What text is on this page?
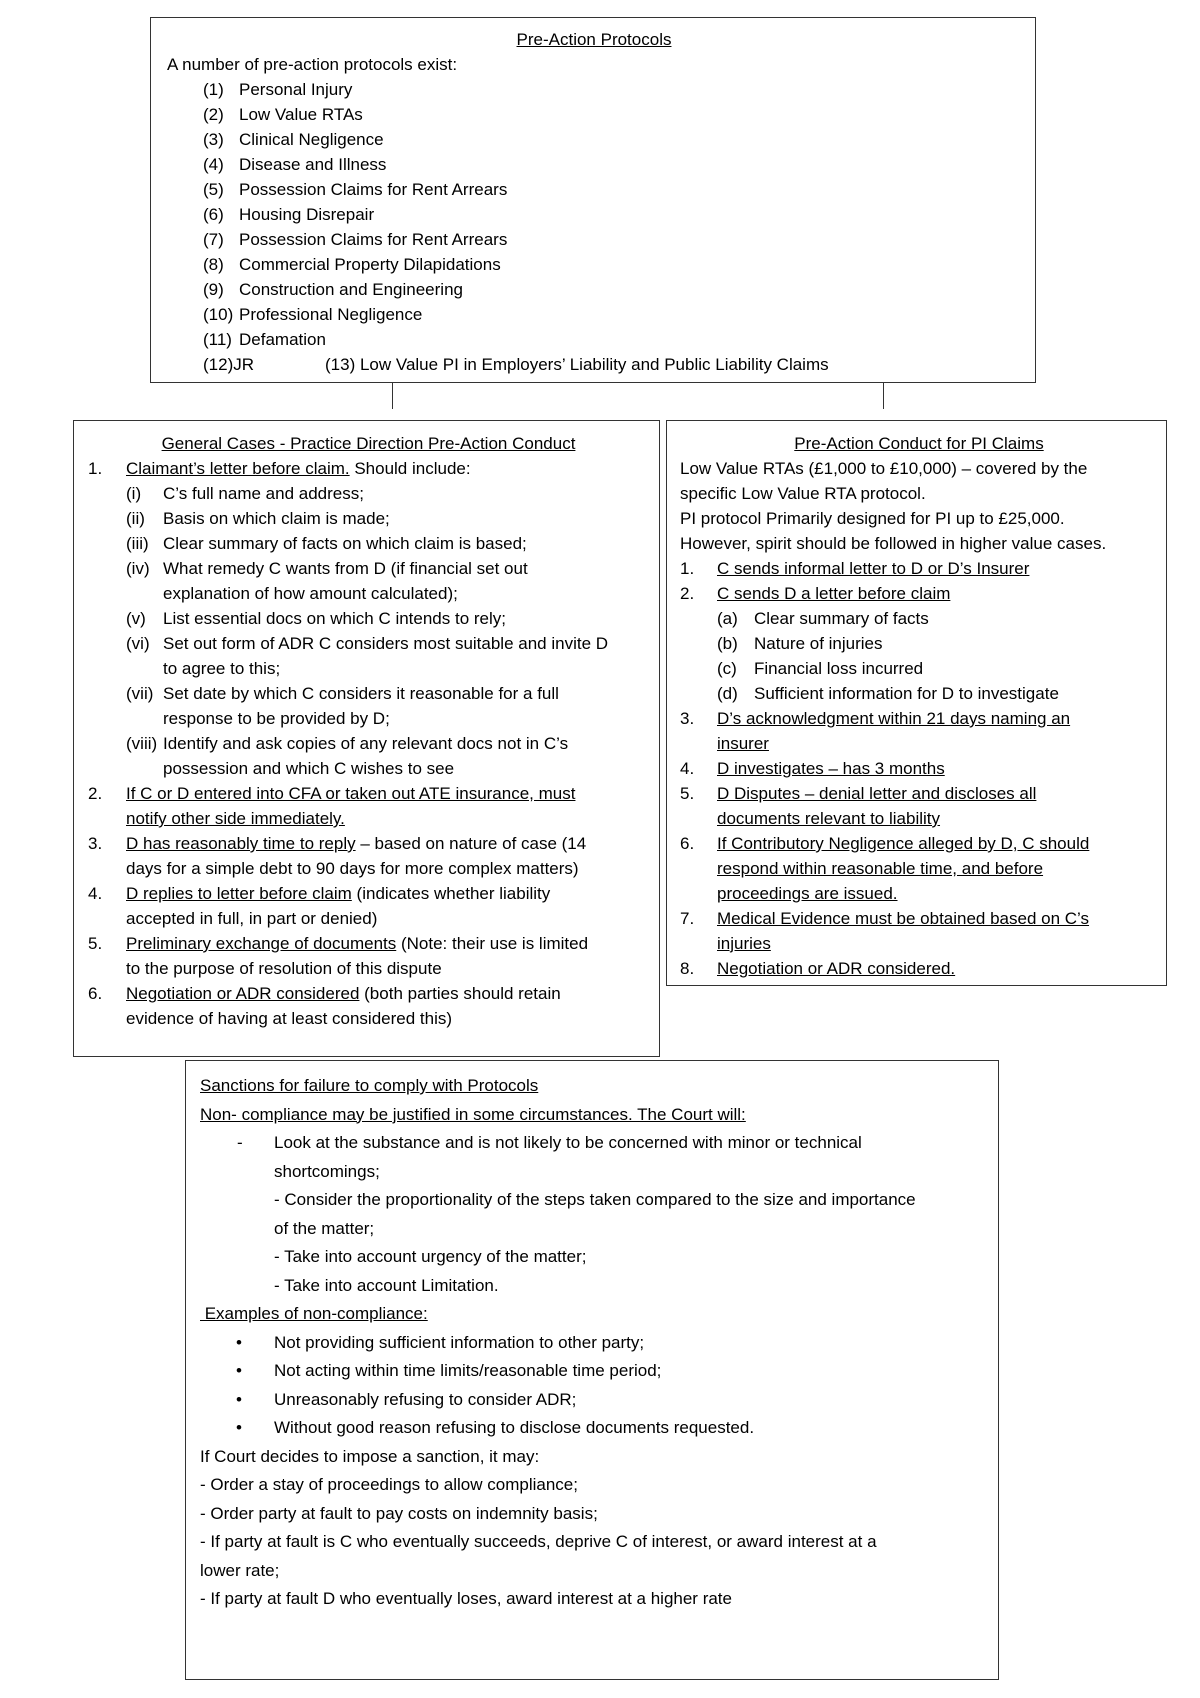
Pre-Action Protocols

A number of pre-action protocols exist:

(1) Personal Injury
(2) Low Value RTAs
(3) Clinical Negligence
(4) Disease and Illness
(5) Possession Claims for Rent Arrears
(6) Housing Disrepair
(7) Possession Claims for Rent Arrears
(8) Commercial Property Dilapidations
(9) Construction and Engineering
(10) Professional Negligence
(11) Defamation
(12)JR	(13) Low Value PI in Employers’ Liability and Public Liability Claims

General Cases - Practice Direction Pre-Action Conduct

1. Claimant’s letter before claim. Should include:
(i) C’s full name and address;
(ii) Basis on which claim is made;
(iii) Clear summary of facts on which claim is based;
(iv) What remedy C wants from D (if financial set out
explanation of how amount calculated);
(v) List essential docs on which C intends to rely;
(vi) Set out form of ADR C considers most suitable and invite D
to agree to this;
(vii) Set date by which C considers it reasonable for a full
response to be provided by D;
(viii) Identify and ask copies of any relevant docs not in C’s
possession and which C wishes to see
2. If C or D entered into CFA or taken out ATE insurance, must
notify other side immediately.
3. D has reasonably time to reply – based on nature of case (14
days for a simple debt to 90 days for more complex matters)
4. D replies to letter before claim (indicates whether liability
accepted in full, in part or denied)
5. Preliminary exchange of documents (Note: their use is limited
to the purpose of resolution of this dispute
6. Negotiation or ADR considered (both parties should retain
evidence of having at least considered this)

Pre-Action Conduct for PI Claims

Low Value RTAs (£1,000 to £10,000) – covered by the

specific Low Value RTA protocol.

PI protocol Primarily designed for PI up to £25,000.

However, spirit should be followed in higher value cases.

1. C sends informal letter to D or D’s Insurer
2. C sends D a letter before claim
(a) Clear summary of facts
(b) Nature of injuries
(c) Financial loss incurred
(d) Sufficient information for D to investigate
3. D’s acknowledgment within 21 days naming an
insurer
4. D investigates – has 3 months
5. D Disputes – denial letter and discloses all
documents relevant to liability
6. If Contributory Negligence alleged by D, C should
respond within reasonable time, and before
proceedings are issued.
7. Medical Evidence must be obtained based on C’s
injuries
8. Negotiation or ADR considered.

Sanctions for failure to comply with Protocols

Non- compliance may be justified in some circumstances. The Court will:

- Look at the substance and is not likely to be concerned with minor or technical
shortcomings;
- Consider the proportionality of the steps taken compared to the size and importance
of the matter;
- Take into account urgency of the matter;
- Take into account Limitation.

Examples of non-compliance:

• Not providing sufficient information to other party;
• Not acting within time limits/reasonable time period;
• Unreasonably refusing to consider ADR;
• Without good reason refusing to disclose documents requested.

If Court decides to impose a sanction, it may:

- Order a stay of proceedings to allow compliance;

- Order party at fault to pay costs on indemnity basis;

- If party at fault is C who eventually succeeds, deprive C of interest, or award interest at a

lower rate;

- If party at fault D who eventually loses, award interest at a higher rate
